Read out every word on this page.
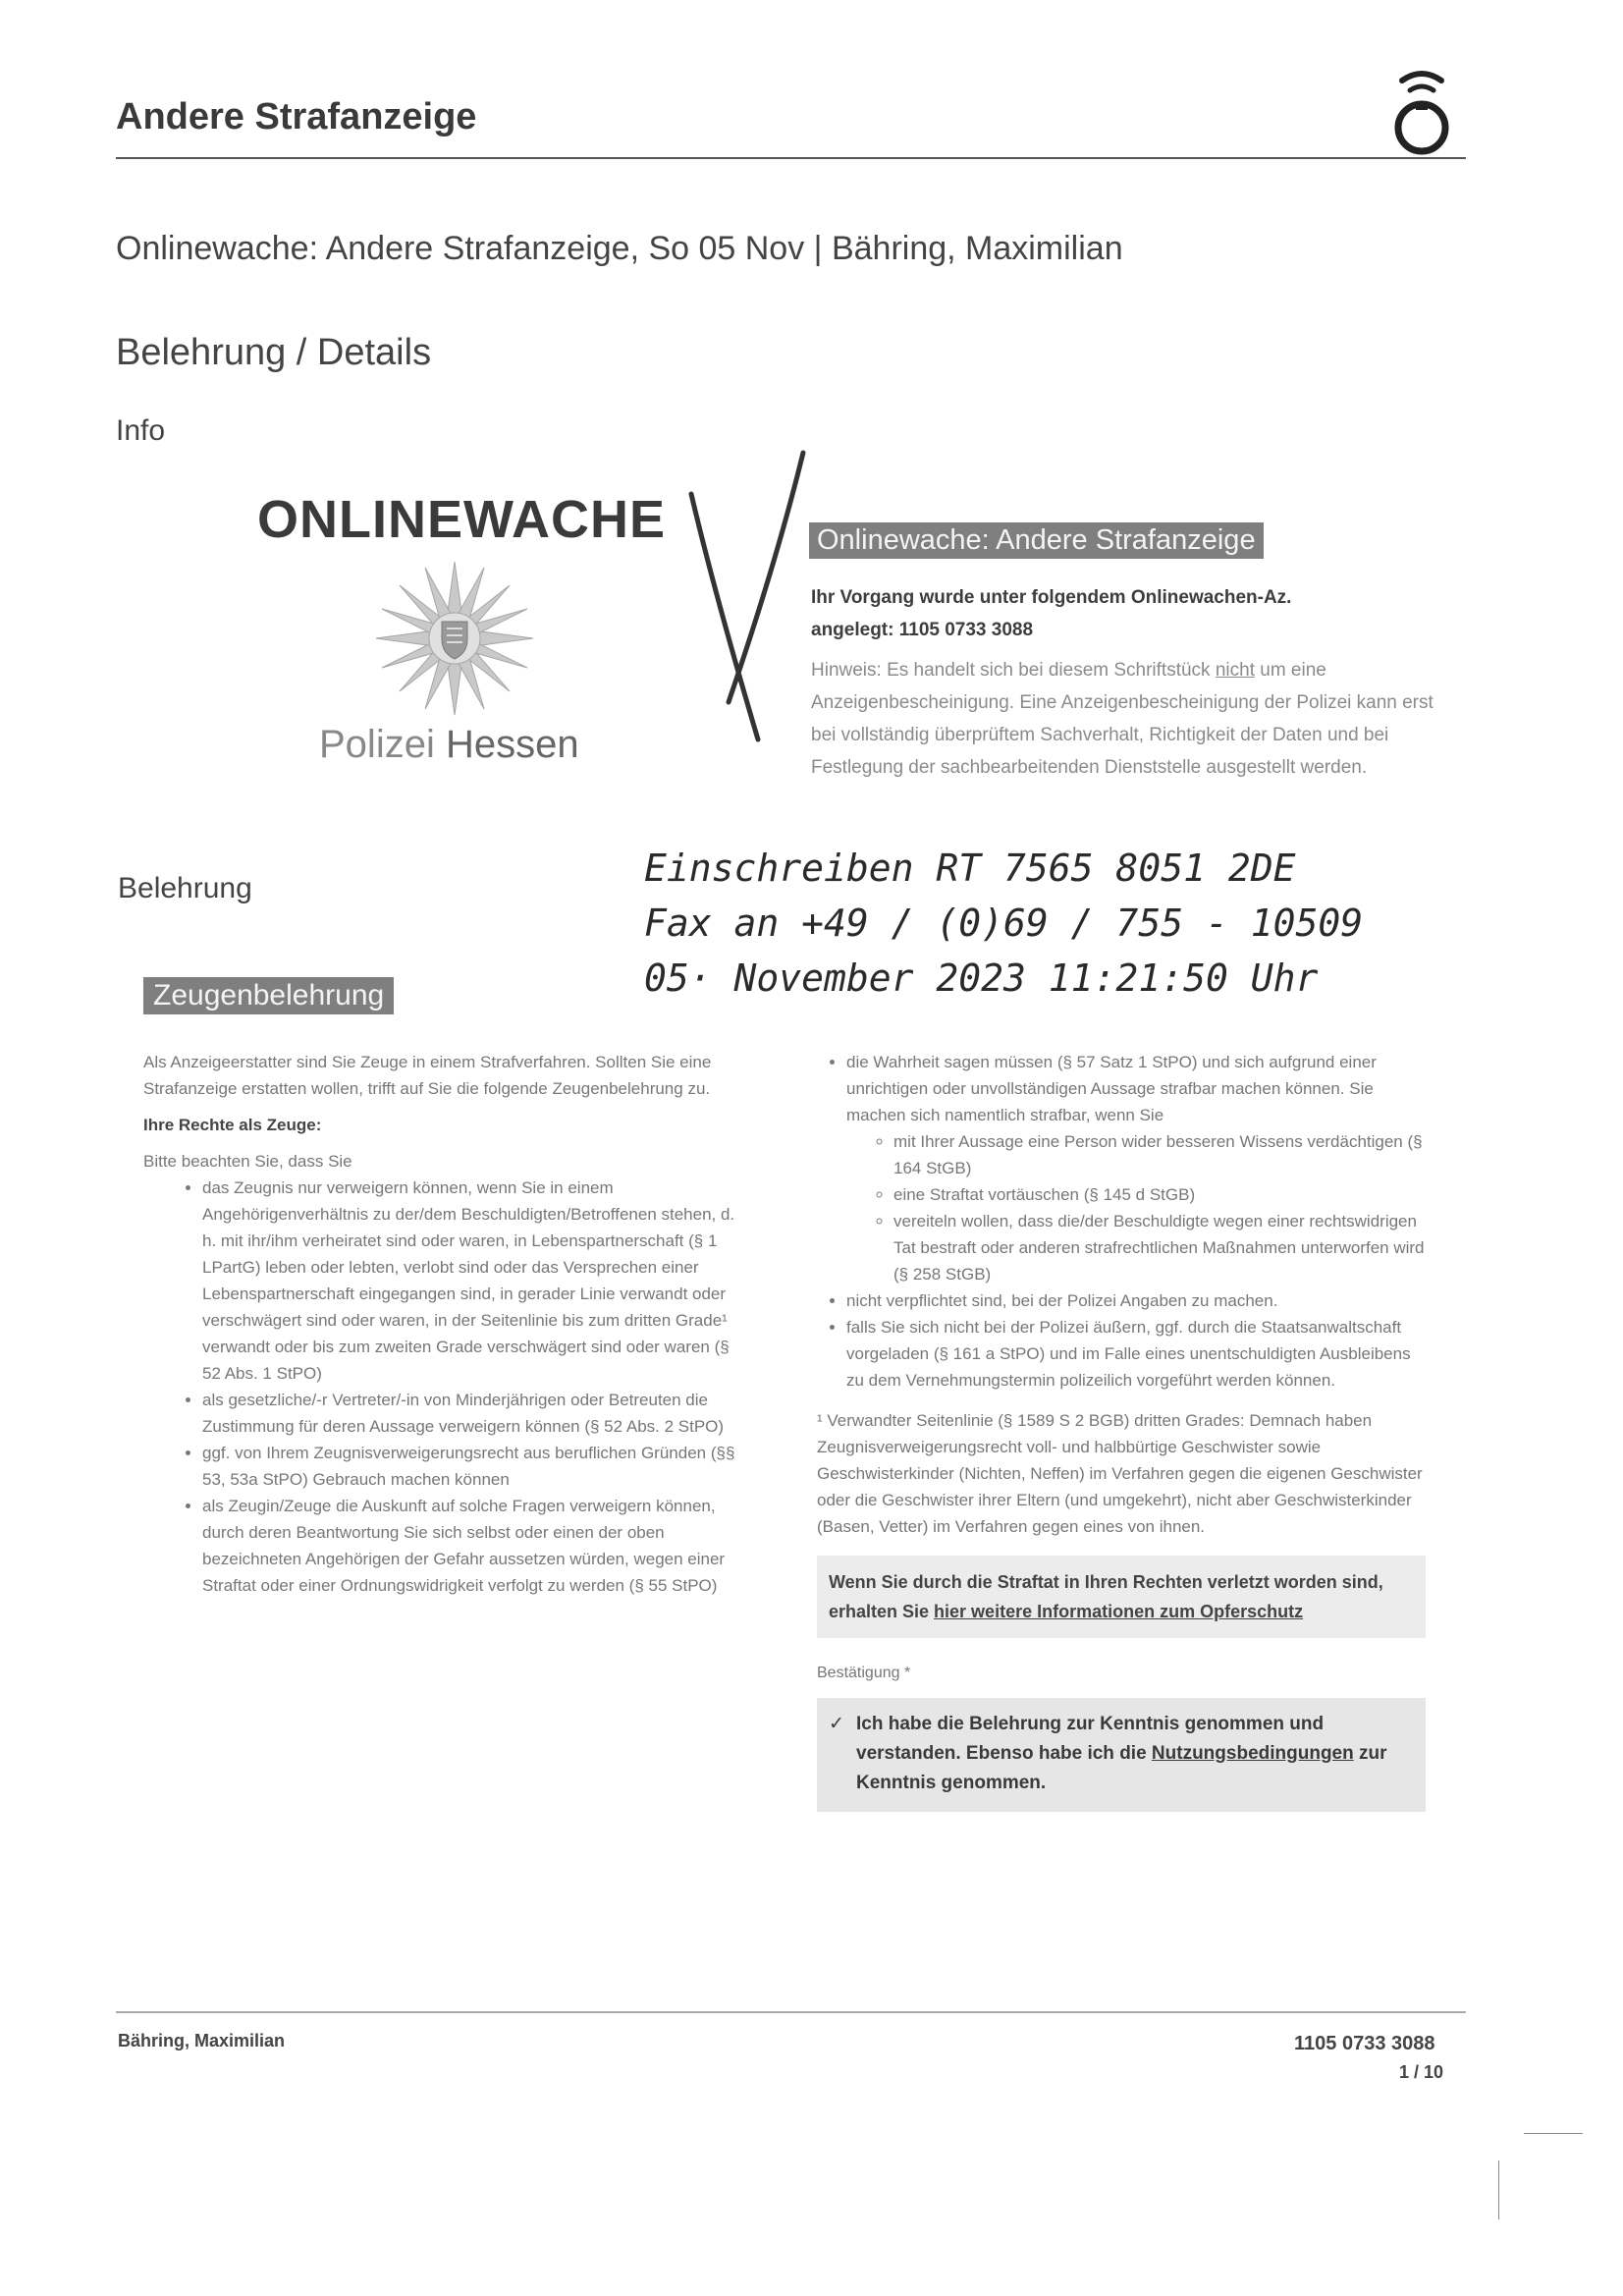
Andere Strafanzeige
Onlinewache: Andere Strafanzeige, So 05 Nov | Bähring, Maximilian
Belehrung / Details
Info
ONLINEWACHE
Polizei Hessen
Onlinewache: Andere Strafanzeige
Ihr Vorgang wurde unter folgendem Onlinewachen-Az.
angelegt: 1105 0733 3088
Hinweis: Es handelt sich bei diesem Schriftstück nicht um eine Anzeigenbescheinigung. Eine Anzeigenbescheinigung der Polizei kann erst bei vollständig überprüftem Sachverhalt, Richtigkeit der Daten und bei Festlegung der sachbearbeitenden Dienststelle ausgestellt werden.
Belehrung	Einschreiben RT 7565 8051 2DE
Fax an +49 / (0)69 / 755 - 10509
05· November 2023 11:21:50 Uhr
Zeugenbelehrung

Als Anzeigeerstatter sind Sie Zeuge in einem Strafverfahren. Sollten Sie eine Strafanzeige erstatten wollen, trifft auf Sie die folgende Zeugenbelehrung zu.

Ihre Rechte als Zeuge:

Bitte beachten Sie, dass Sie
• das Zeugnis nur verweigern können, wenn Sie in einem Angehörigenverhältnis zu der/dem Beschuldigten/Betroffenen stehen, d. h. mit ihr/ihm verheiratet sind oder waren, in Lebenspartnerschaft (§ 1 LPartG) leben oder lebten, verlobt sind oder das Versprechen einer Lebenspartnerschaft eingegangen sind, in gerader Linie verwandt oder verschwägert sind oder waren, in der Seitenlinie bis zum dritten Grade¹ verwandt oder bis zum zweiten Grade verschwägert sind oder waren (§ 52 Abs. 1 StPO)
• als gesetzliche/-r Vertreter/-in von Minderjährigen oder Betreuten die Zustimmung für deren Aussage verweigern können (§ 52 Abs. 2 StPO)
• ggf. von Ihrem Zeugnisverweigerungsrecht aus beruflichen Gründen (§§ 53, 53a StPO) Gebrauch machen können
• als Zeugin/Zeuge die Auskunft auf solche Fragen verweigern können, durch deren Beantwortung Sie sich selbst oder einen der oben bezeichneten Angehörigen der Gefahr aussetzen würden, wegen einer Straftat oder einer Ordnungswidrigkeit verfolgt zu werden (§ 55 StPO)
• die Wahrheit sagen müssen (§ 57 Satz 1 StPO) und sich aufgrund einer unrichtigen oder unvollständigen Aussage strafbar machen können. Sie machen sich namentlich strafbar, wenn Sie
◦ mit Ihrer Aussage eine Person wider besseren Wissens verdächtigen (§ 164 StGB)
◦ eine Straftat vortäuschen (§ 145 d StGB)
◦ vereiteln wollen, dass die/der Beschuldigte wegen einer rechtswidrigen Tat bestraft oder anderen strafrechtlichen Maßnahmen unterworfen wird (§ 258 StGB)
• nicht verpflichtet sind, bei der Polizei Angaben zu machen.
• falls Sie sich nicht bei der Polizei äußern, ggf. durch die Staatsanwaltschaft vorgeladen (§ 161 a StPO) und im Falle eines unentschuldigten Ausbleibens zu dem Vernehmungstermin polizeilich vorgeführt werden können.

¹ Verwandter Seitenlinie (§ 1589 S 2 BGB) dritten Grades: Demnach haben Zeugnisverweigerungsrecht voll- und halbbürtige Geschwister sowie Geschwisterkinder (Nichten, Neffen) im Verfahren gegen die eigenen Geschwister oder die Geschwister ihrer Eltern (und umgekehrt), nicht aber Geschwisterkinder (Basen, Vetter) im Verfahren gegen eines von ihnen.

Wenn Sie durch die Straftat in Ihren Rechten verletzt worden sind, erhalten Sie hier weitere Informationen zum Opferschutz
Bestätigung *
✓ Ich habe die Belehrung zur Kenntnis genommen und verstanden. Ebenso habe ich die Nutzungsbedingungen zur Kenntnis genommen.
Bähring, Maximilian	1105 0733 3088
1 / 10
